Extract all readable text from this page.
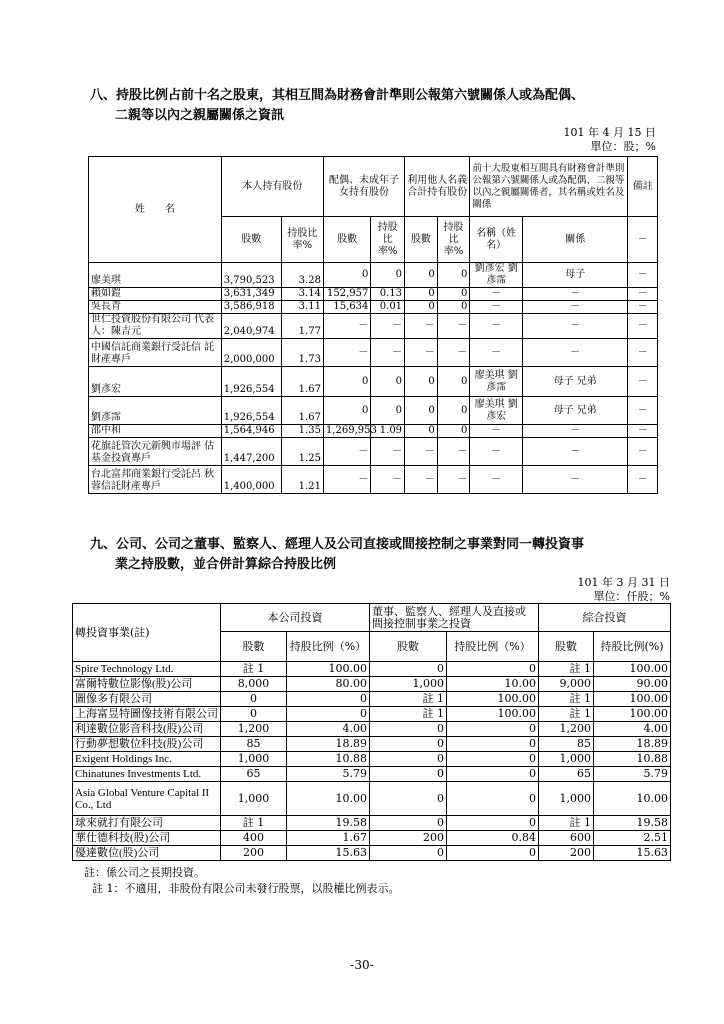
八、持股比例占前十名之股東，其相互間為財務會計準則公報第六號關係人或為配偶、
二親等以內之親屬關係之資訊
101 年 4 月 15 日
單位：股；%
姓　　名	本人持有股份		配偶、未成年子女持有股份		利用他人名義合計持有股份		前十大股東相互間具有財務會計準則公報第六號關係人或為配偶、二親等以內之親屬關係者，其名稱或姓名及關係		備註
	股數	持股比率%	股數	持股比率%	股數	持股比率%	名稱（姓名）	關係	－
廖美琪	3,790,523	3.28	0	0	0	0	劉彥宏 劉彥霈	母子	－
賴如鎧	3,631,349	3.14	152,957	0.13	0	0	－	－	－
吳長青	3,586,918	3.11	15,634	0.01	0	0	－	－	－
世仁投資股份有限公司 代表人：陳吉元	2,040,974	1.77	－	－	－	－	－	－	－
中國信託商業銀行受託信 託財產專戶	2,000,000	1.73	－	－	－	－	－	－	－
劉彥宏	1,926,554	1.67	0	0	0	0	廖美琪 劉彥霈	母子 兄弟	－
劉彥霈	1,926,554	1.67	0	0	0	0	廖美琪 劉彥宏	母子 兄弟	－
邵中和	1,564,946	1.35	1,269,953	1.09	0	0	－	－	－
花旗託管次元新興市場評 估基金投資專戶	1,447,200	1.25	－	－	－	－	－	－	－
台北富邦商業銀行受託呂 秋蓉信託財產專戶	1,400,000	1.21	－	－	－	－	－	－	－
九、公司、公司之董事、監察人、經理人及公司直接或間接控制之事業對同一轉投資事
業之持股數，並合併計算綜合持股比例
101 年 3 月 31 日
單位：仟股；%
轉投資事業(註)	本公司投資		董事、監察人、經理人及直接或間接控制事業之投資		綜合投資	
	股數	持股比例（%）	股數	持股比例（%）	股數	持股比例(%)
Spire Technology Ltd.	註 1	100.00	0	0	註 1	100.00
富爾特數位影像(股)公司	8,000	80.00	1,000	10.00	9,000	90.00
圖像多有限公司	0	0	註 1	100.00	註 1	100.00
上海富昱特圖像技術有限公司	0	0	註 1	100.00	註 1	100.00
利達數位影音科技(股)公司	1,200	4.00	0	0	1,200	4.00
行動夢想數位科技(股)公司	85	18.89	0	0	85	18.89
Exigent Holdings Inc.	1,000	10.88	0	0	1,000	10.88
Chinatunes Investments Ltd.	65	5.79	0	0	65	5.79
Asia Global Venture Capital II Co., Ltd	1,000	10.00	0	0	1,000	10.00
球來就打有限公司	註 1	19.58	0	0	註 1	19.58
華仕德科技(股)公司	400	1.67	200	0.84	600	2.51
優達數位(股)公司	200	15.63	0	0	200	15.63
註：係公司之長期投資。
註 1：不適用，非股份有限公司未發行股票，以股權比例表示。
-30-
